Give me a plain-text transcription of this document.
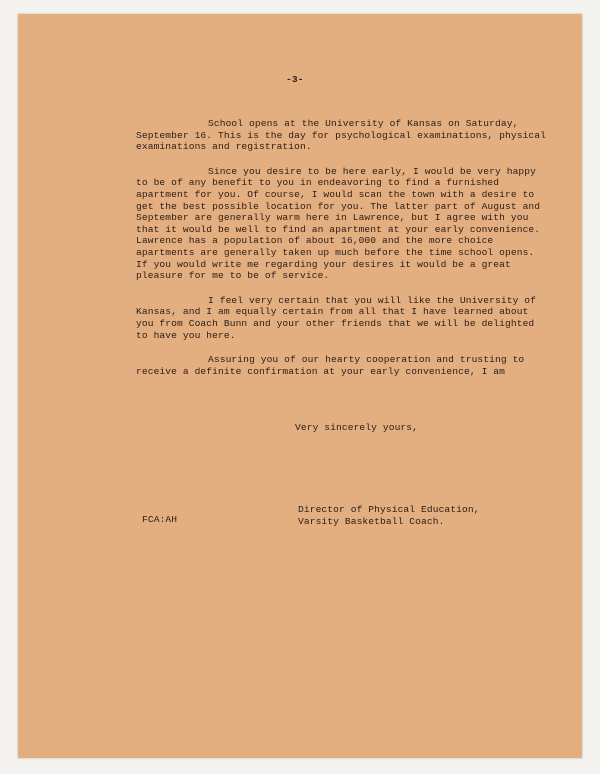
-3-

School opens at the University of Kansas on Saturday, September 16. This is the day for psychological examinations, physical examinations and registration.

Since you desire to be here early, I would be very happy to be of any benefit to you in endeavoring to find a furnished apartment for you. Of course, I would scan the town with a desire to get the best possible location for you. The latter part of August and September are generally warm here in Lawrence, but I agree with you that it would be well to find an apartment at your early convenience. Lawrence has a population of about 16,000 and the more choice apartments are generally taken up much before the time school opens. If you would write me regarding your desires it would be a great pleasure for me to be of service.

I feel very certain that you will like the University of Kansas, and I am equally certain from all that I have learned about you from Coach Bunn and your other friends that we will be delighted to have you here.

Assuring you of our hearty cooperation and trusting to receive a definite confirmation at your early convenience, I am

Very sincerely yours,
FCA:AH
Director of Physical Education,
Varsity Basketball Coach.
